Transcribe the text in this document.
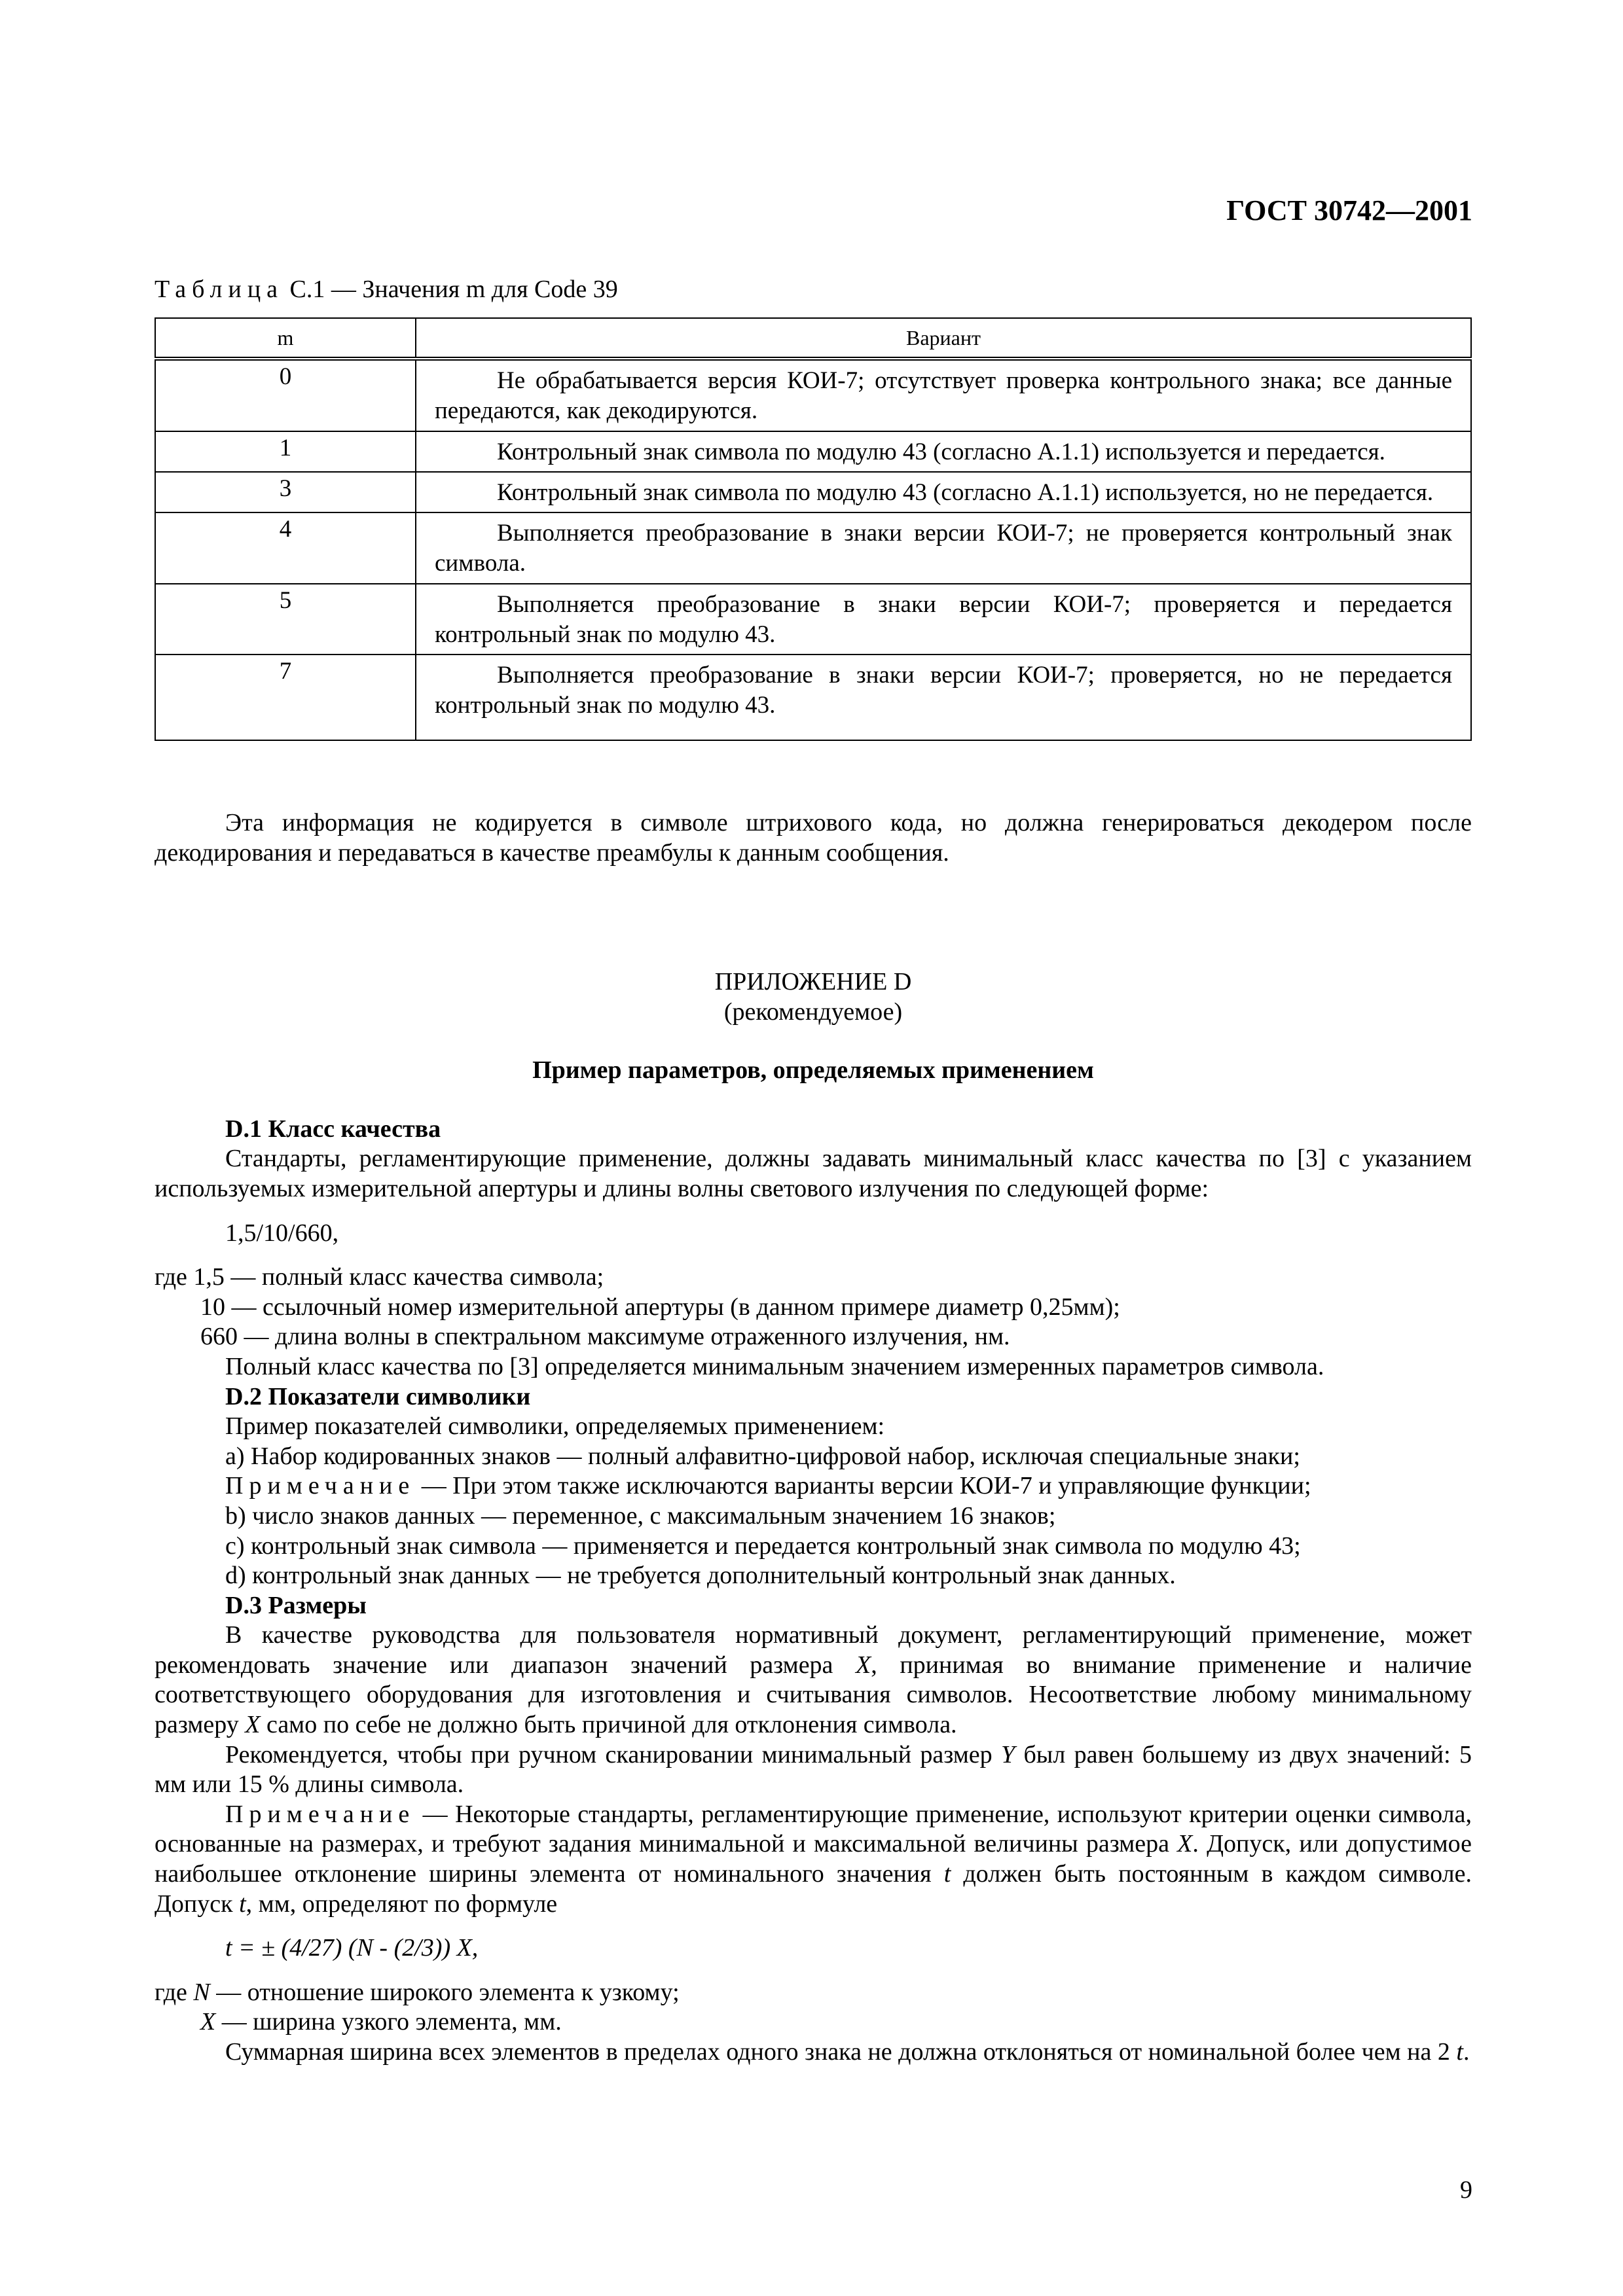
ГОСТ 30742—2001
Таблица С.1 — Значения m для Code 39
m	Вариант
0	Не обрабатывается версия КОИ-7; отсутствует проверка контрольного знака; все данные передаются, как декодируются.
1	Контрольный знак символа по модулю 43 (согласно А.1.1) используется и передается.
3	Контрольный знак символа по модулю 43 (согласно А.1.1) используется, но не передается.
4	Выполняется преобразование в знаки версии КОИ-7; не проверяется контрольный знак символа.
5	Выполняется преобразование в знаки версии КОИ-7; проверяется и передается контрольный знак по модулю 43.
7	Выполняется преобразование в знаки версии КОИ-7; проверяется, но не передается контрольный знак по модулю 43.

Эта информация не кодируется в символе штрихового кода, но должна генерироваться декодером после декодирования и передаваться в качестве преамбулы к данным сообщения.

ПРИЛОЖЕНИЕ D

(рекомендуемое)

Пример параметров, определяемых применением

D.1 Класс качества

Стандарты, регламентирующие применение, должны задавать минимальный класс качества по [3] с указанием используемых измерительной апертуры и длины волны светового излучения по следующей форме:

1,5/10/660,

где 1,5 — полный класс качества символа;

10 — ссылочный номер измерительной апертуры (в данном примере диаметр 0,25мм);

660 — длина волны в спектральном максимуме отраженного излучения, нм.

Полный класс качества по [3] определяется минимальным значением измеренных параметров символа.

D.2 Показатели символики

Пример показателей символики, определяемых применением:

a) Набор кодированных знаков — полный алфавитно-цифровой набор, исключая специальные знаки;

Примечание — При этом также исключаются варианты версии КОИ-7 и управляющие функции;

b) число знаков данных — переменное, с максимальным значением 16 знаков;

c) контрольный знак символа — применяется и передается контрольный знак символа по модулю 43;

d) контрольный знак данных — не требуется дополнительный контрольный знак данных.

D.3 Размеры

В качестве руководства для пользователя нормативный документ, регламентирующий применение, может рекомендовать значение или диапазон значений размера X, принимая во внимание применение и наличие соответствующего оборудования для изготовления и считывания символов. Несоответствие любому минимальному размеру X само по себе не должно быть причиной для отклонения символа.

Рекомендуется, чтобы при ручном сканировании минимальный размер Y был равен большему из двух значений: 5 мм или 15 % длины символа.

Примечание — Некоторые стандарты, регламентирующие применение, используют критерии оценки символа, основанные на размерах, и требуют задания минимальной и максимальной величины размера X. Допуск, или допустимое наибольшее отклонение ширины элемента от номинального значения t должен быть постоянным в каждом символе. Допуск t, мм, определяют по формуле

t = ± (4/27) (N - (2/3)) X,

где N — отношение широкого элемента к узкому;

X — ширина узкого элемента, мм.

Суммарная ширина всех элементов в пределах одного знака не должна отклоняться от номинальной более чем на 2 t.

9
